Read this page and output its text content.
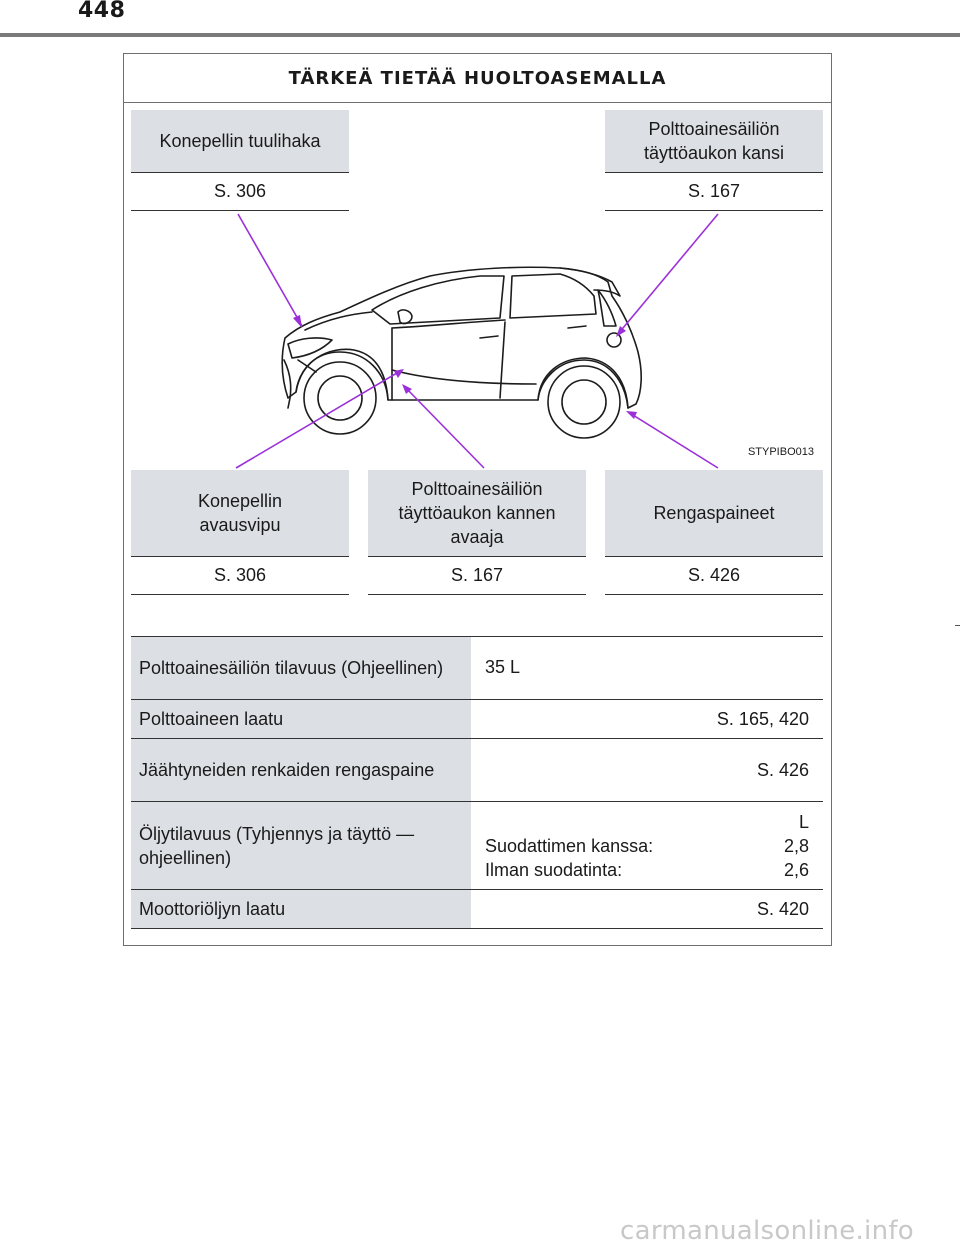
448
TÄRKEÄ TIETÄÄ HUOLTOASEMALLA
Konepellin tuulihaka
S. 306
Polttoainesäiliön täyttöaukon kansi
S. 167
STYPIBO013
Konepellin avausvipu
S. 306
Polttoainesäiliön täyttöaukon kannen avaaja
S. 167
Rengaspaineet
S. 426
Polttoainesäiliön tilavuus (Ohjeellinen)	35 L
Polttoaineen laatu	S. 165, 420
Jäähtyneiden renkaiden rengaspaine	S. 426
Öljytilavuus (Tyhjennys ja täyttö — ohjeellinen)
L
Suodattimen kanssa:	2,8
Ilman suodatinta:	2,6
Moottoriöljyn laatu	S. 420
carmanualsonline.info
